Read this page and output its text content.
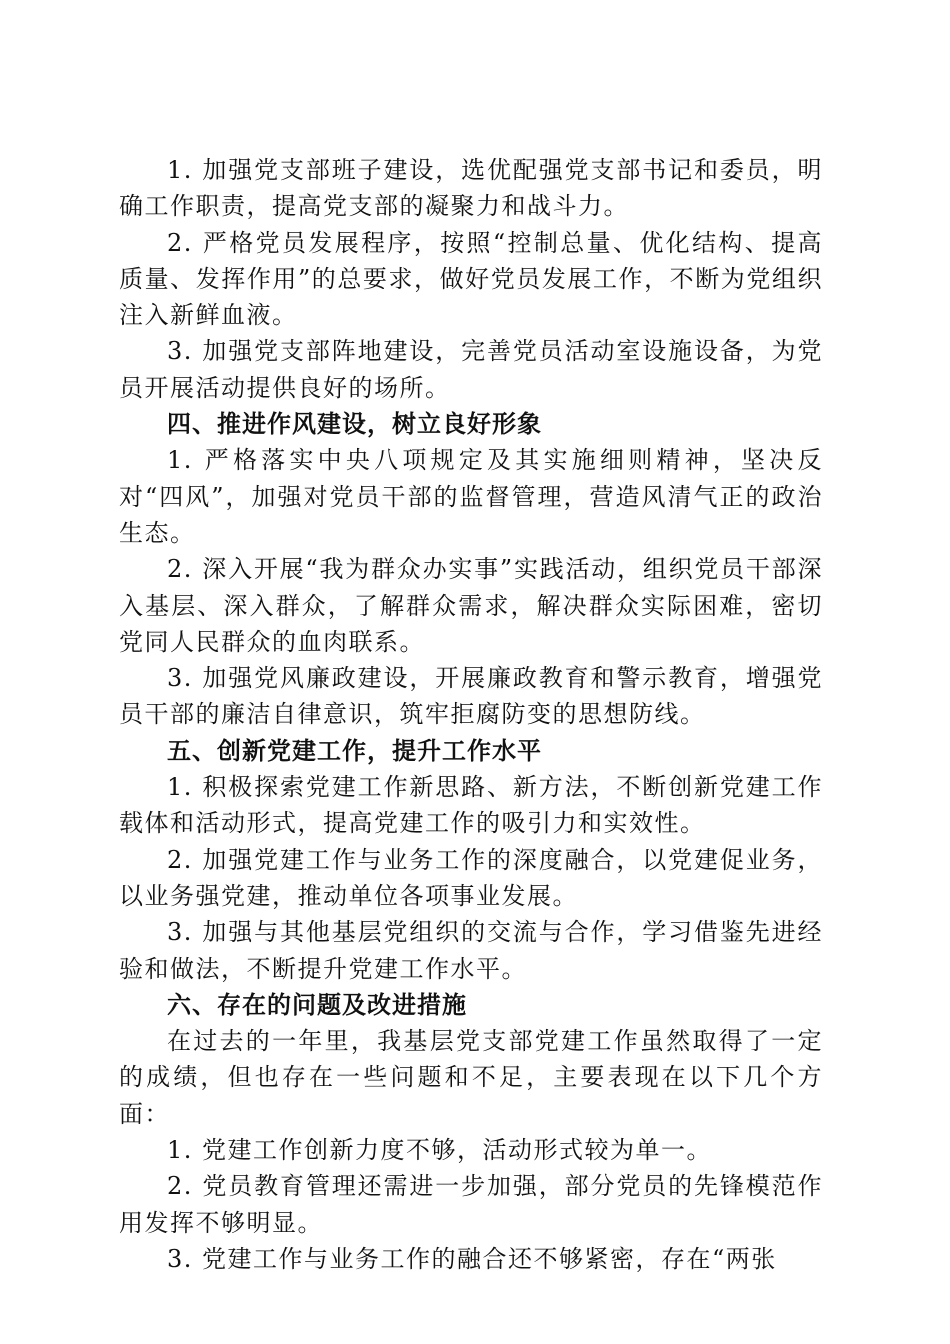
1. 加强党支部班子建设，选优配强党支部书记和委员，明确工作职责，提高党支部的凝聚力和战斗力。

2. 严格党员发展程序，按照“控制总量、优化结构、提高质量、发挥作用”的总要求，做好党员发展工作，不断为党组织注入新鲜血液。

3. 加强党支部阵地建设，完善党员活动室设施设备，为党员开展活动提供良好的场所。

四、推进作风建设，树立良好形象

1. 严格落实中央八项规定及其实施细则精神，坚决反对“四风”，加强对党员干部的监督管理，营造风清气正的政治生态。

2. 深入开展“我为群众办实事”实践活动，组织党员干部深入基层、深入群众，了解群众需求，解决群众实际困难，密切党同人民群众的血肉联系。

3. 加强党风廉政建设，开展廉政教育和警示教育，增强党员干部的廉洁自律意识，筑牢拒腐防变的思想防线。

五、创新党建工作，提升工作水平

1. 积极探索党建工作新思路、新方法，不断创新党建工作载体和活动形式，提高党建工作的吸引力和实效性。

2. 加强党建工作与业务工作的深度融合，以党建促业务，以业务强党建，推动单位各项事业发展。

3. 加强与其他基层党组织的交流与合作，学习借鉴先进经验和做法，不断提升党建工作水平。

六、存在的问题及改进措施

在过去的一年里，我基层党支部党建工作虽然取得了一定的成绩，但也存在一些问题和不足，主要表现在以下几个方面：

1. 党建工作创新力度不够，活动形式较为单一。

2. 党员教育管理还需进一步加强，部分党员的先锋模范作用发挥不够明显。

3. 党建工作与业务工作的融合还不够紧密，存在“两张
